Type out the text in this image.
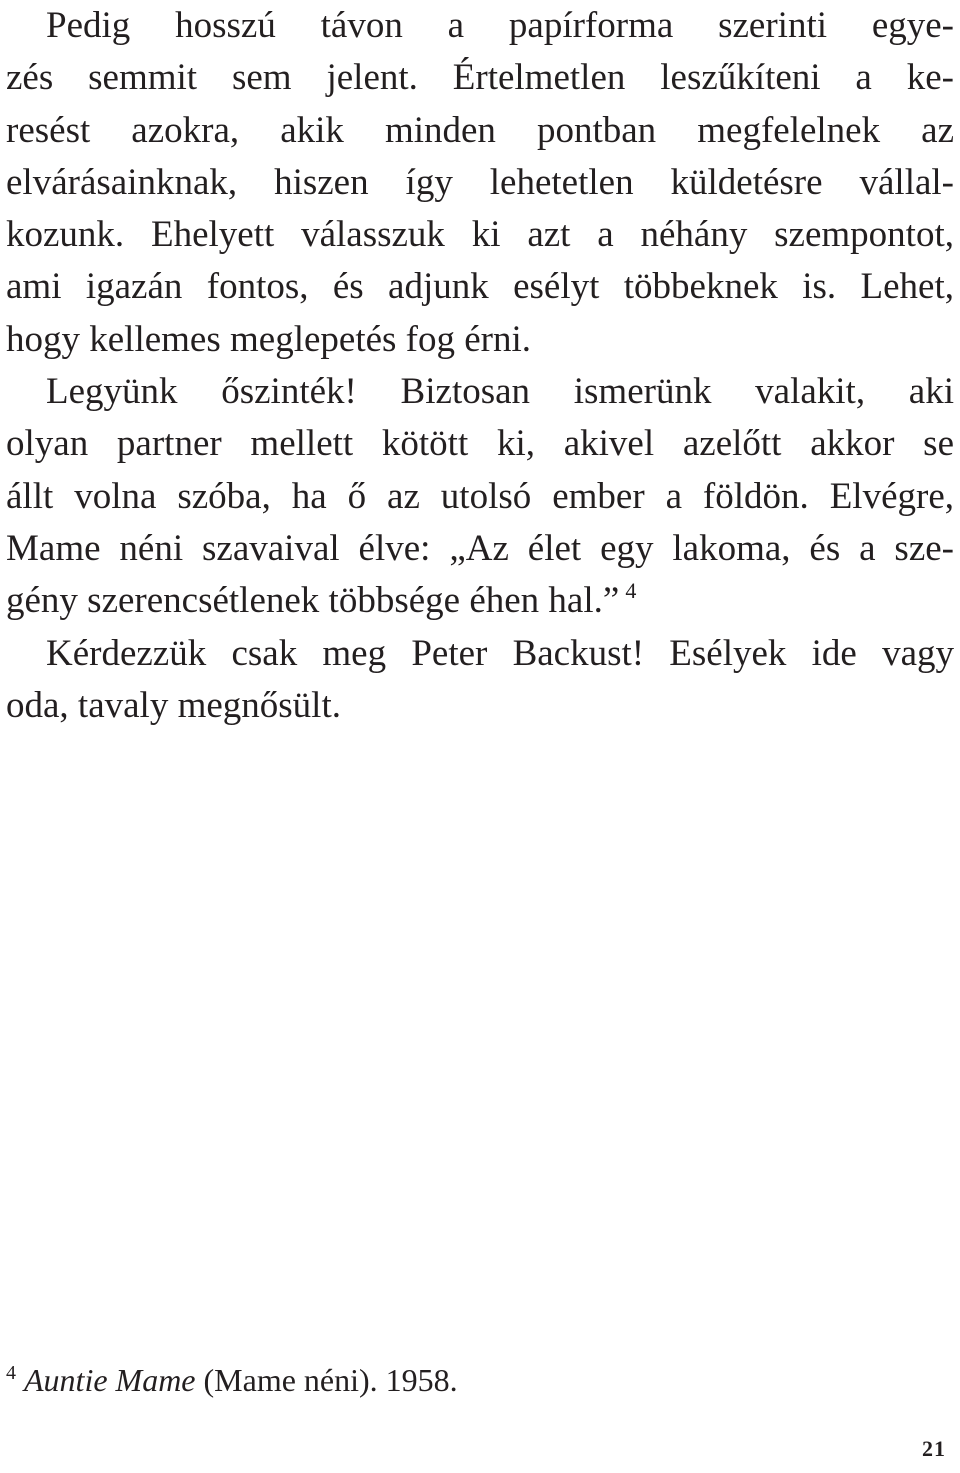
Pedig hosszú távon a papírforma szerinti egye-
zés semmit sem jelent. Értelmetlen leszűkíteni a ke-
resést azokra, akik minden pontban megfelelnek az
elvárásainknak, hiszen így lehetetlen küldetésre vállal-
kozunk. Ehelyett válasszuk ki azt a néhány szempontot,
ami igazán fontos, és adjunk esélyt többeknek is. Lehet,
hogy kellemes meglepetés fog érni.
Legyünk őszinték! Biztosan ismerünk valakit, aki
olyan partner mellett kötött ki, akivel azelőtt akkor se
állt volna szóba, ha ő az utolsó ember a földön. Elvégre,
Mame néni szavaival élve: „Az élet egy lakoma, és a sze-
gény szerencsétlenek többsége éhen hal.” $^4$
Kérdezzük csak meg Peter Backust! Esélyek ide vagy
oda, tavaly megnősült.
$^4$ Auntie Mame (Mame néni). 1958.
21
